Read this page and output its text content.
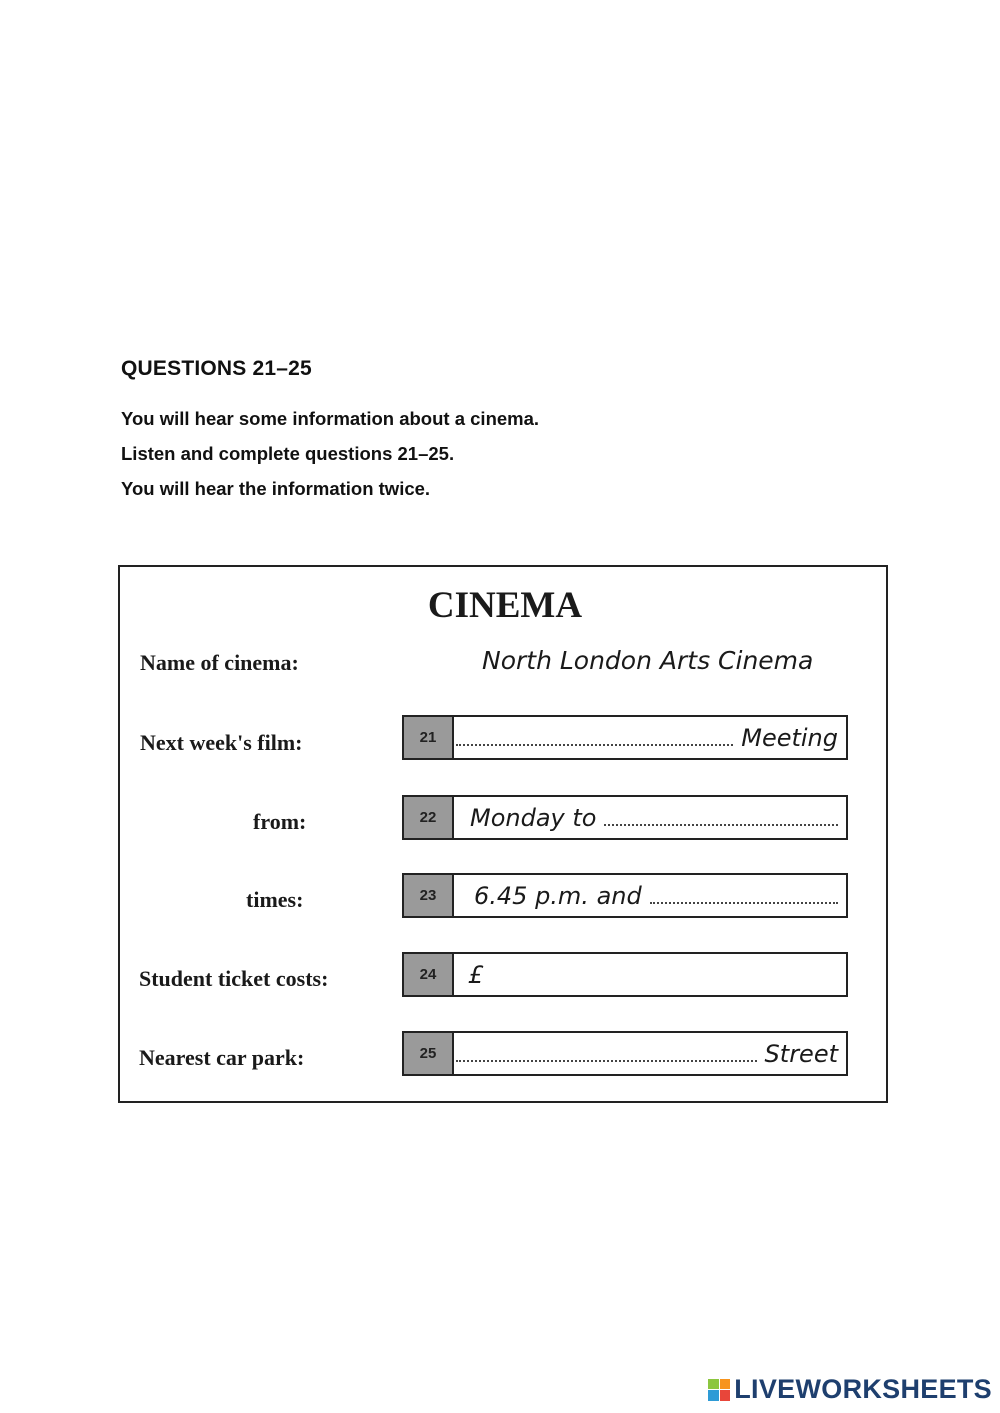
QUESTIONS 21–25
You will hear some information about a cinema.
Listen and complete questions 21–25.
You will hear the information twice.
CINEMA
Name of cinema:	North London Arts Cinema
Next week's film:	21	Meeting
from:	22	Monday to
times:	23	6.45 p.m. and
Student ticket costs:	24	£
Nearest car park:	25	Street
LIVEWORKSHEETS
